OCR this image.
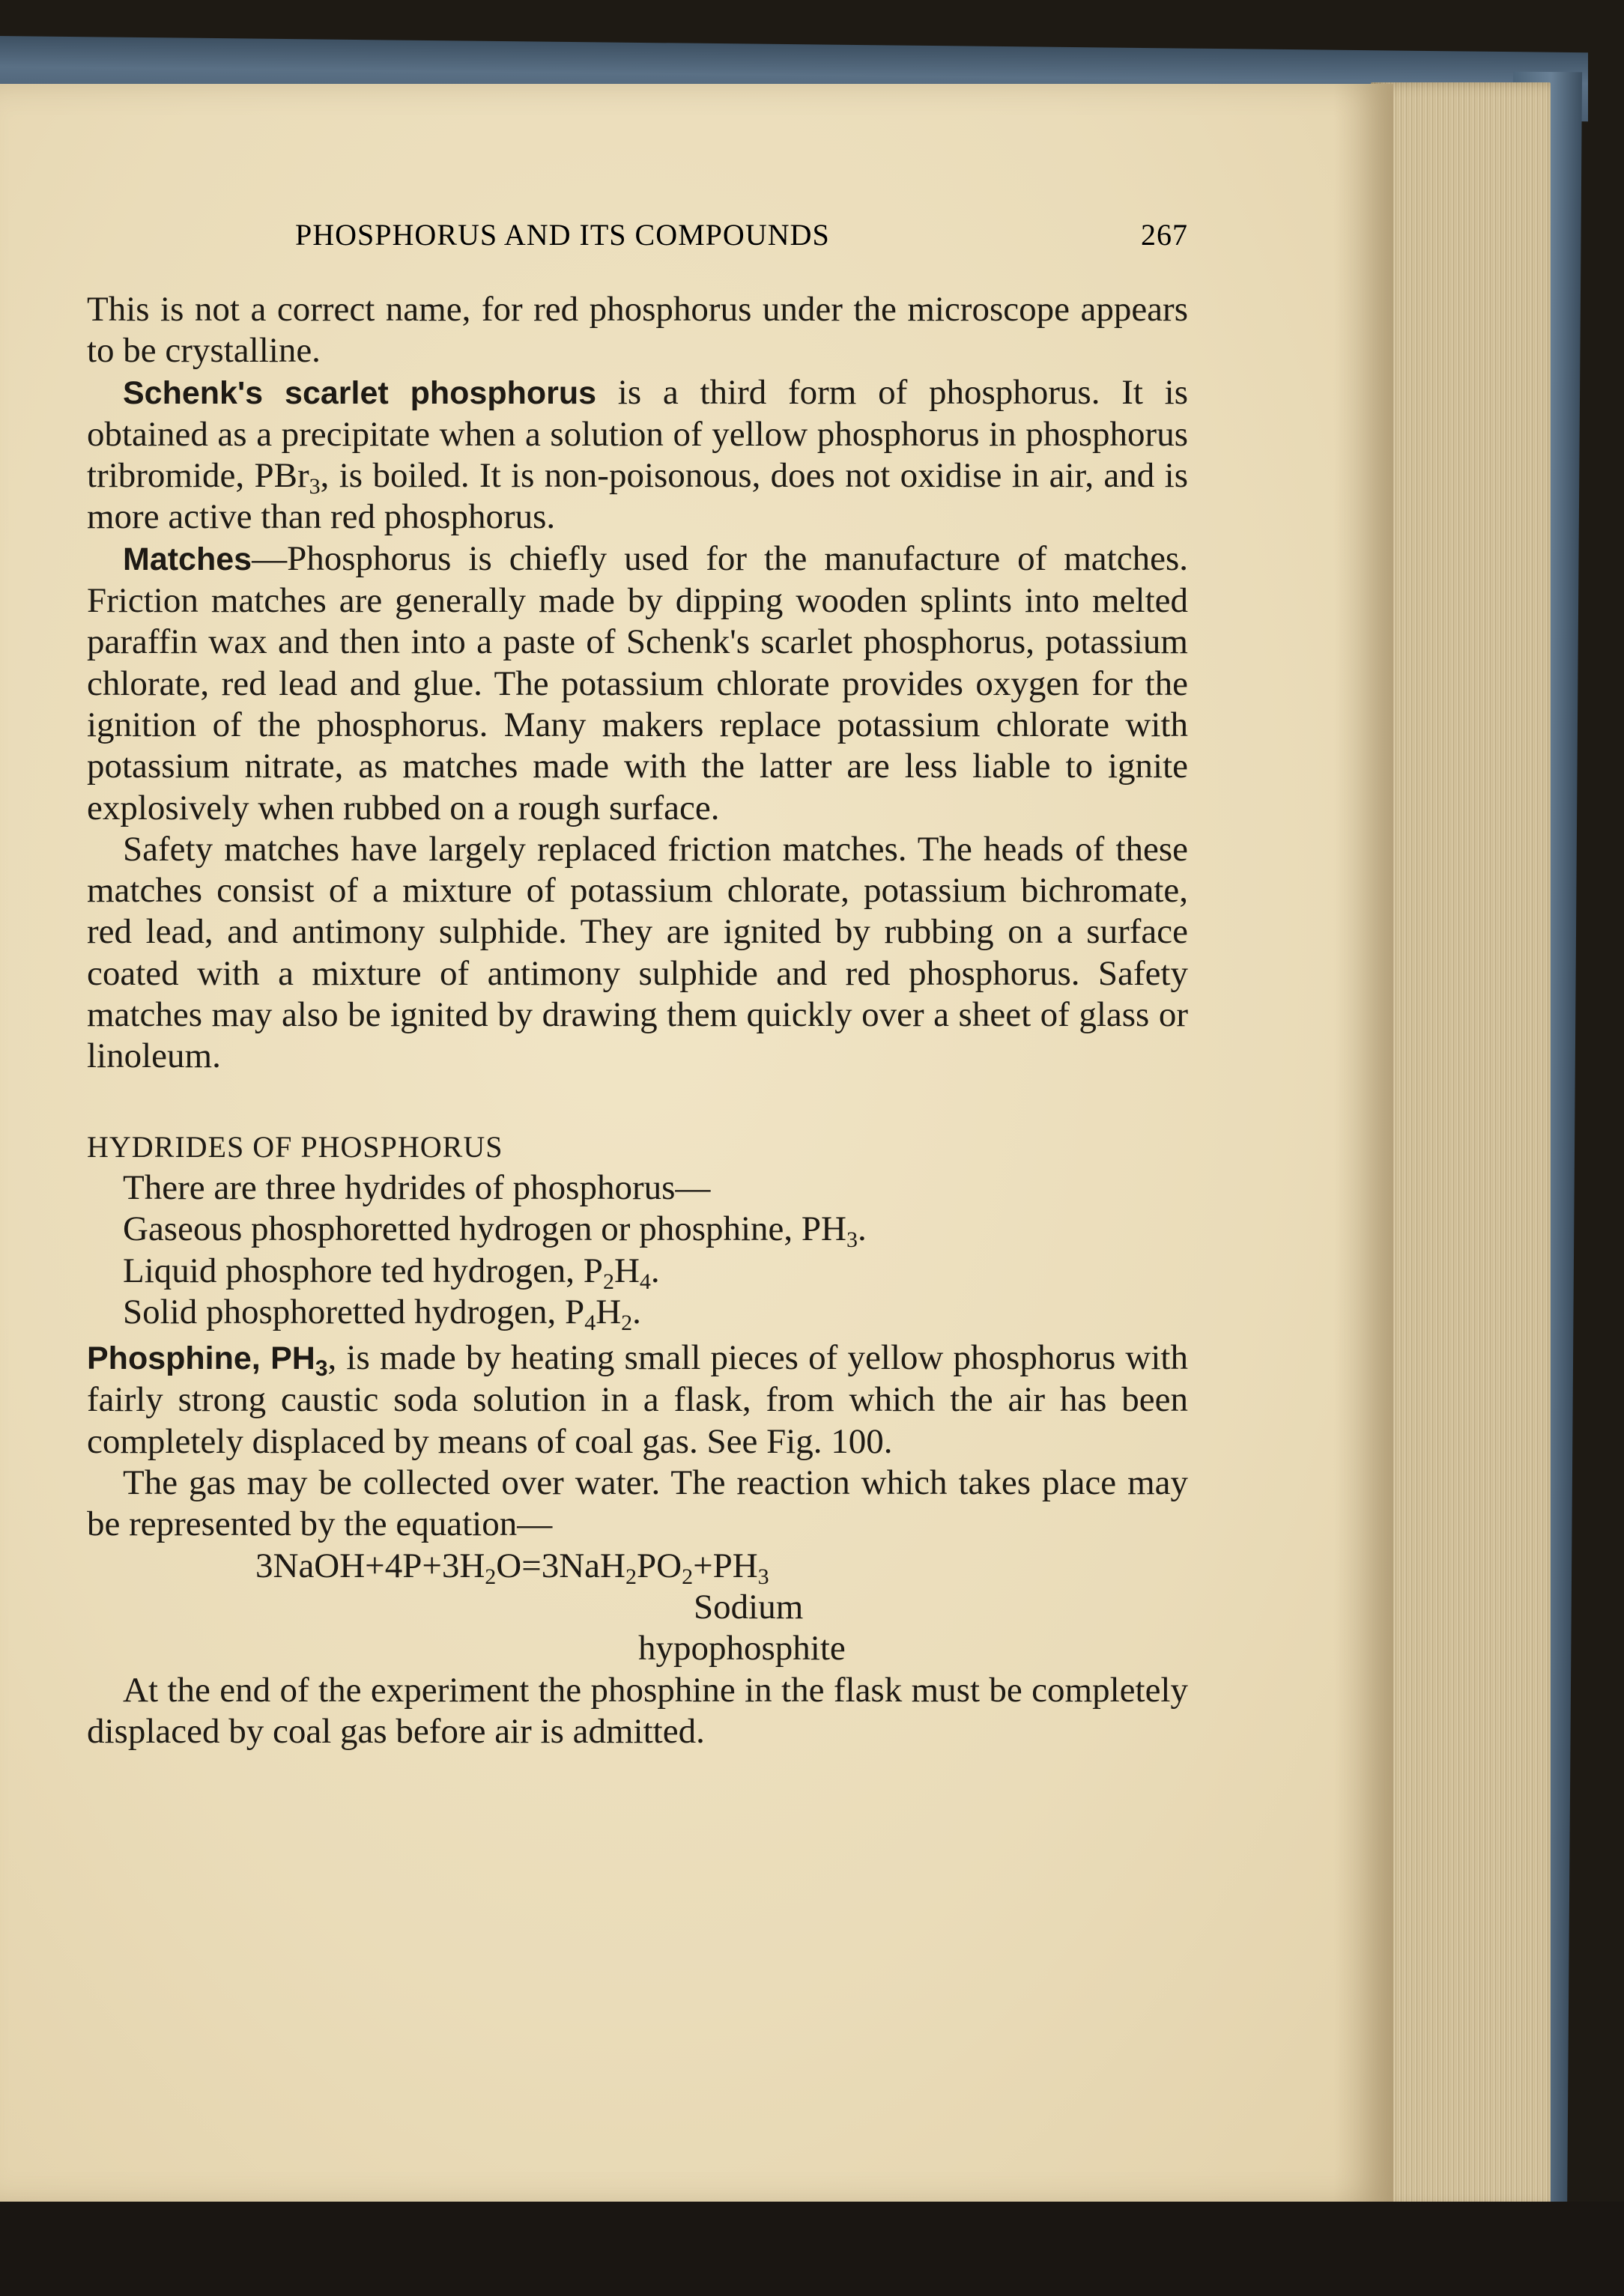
PHOSPHORUS AND ITS COMPOUNDS	267

This is not a correct name, for red phosphorus under the microscope appears to be crystalline.

Schenk's scarlet phosphorus is a third form of phosphorus. It is obtained as a precipitate when a solution of yellow phosphorus in phosphorus tribromide, PBr$_3$, is boiled. It is non-poisonous, does not oxidise in air, and is more active than red phosphorus.

Matches—Phosphorus is chiefly used for the manufacture of matches. Friction matches are generally made by dipping wooden splints into melted paraffin wax and then into a paste of Schenk's scarlet phosphorus, potassium chlorate, red lead and glue. The potassium chlorate provides oxygen for the ignition of the phosphorus. Many makers replace potassium chlorate with potassium nitrate, as matches made with the latter are less liable to ignite explosively when rubbed on a rough surface.

Safety matches have largely replaced friction matches. The heads of these matches consist of a mixture of potassium chlorate, potassium bichromate, red lead, and antimony sulphide. They are ignited by rubbing on a surface coated with a mixture of antimony sulphide and red phosphorus. Safety matches may also be ignited by drawing them quickly over a sheet of glass or linoleum.

HYDRIDES OF PHOSPHORUS

There are three hydrides of phosphorus—

Gaseous phosphoretted hydrogen or phosphine, $PH_3$.

Liquid phosphore ted hydrogen, $P_2H_4$.

Solid phosphoretted hydrogen, $P_4H_2$.

Phosphine, $PH_3$, is made by heating small pieces of yellow phosphorus with fairly strong caustic soda solution in a flask, from which the air has been completely displaced by means of coal gas. See Fig. 100.

The gas may be collected over water. The reaction which takes place may be represented by the equation—

$3NaOH+4P+3H_2O=3NaH_2PO_2+PH_3$

Sodium

hypophosphite

At the end of the experiment the phosphine in the flask must be completely displaced by coal gas before air is admitted.
